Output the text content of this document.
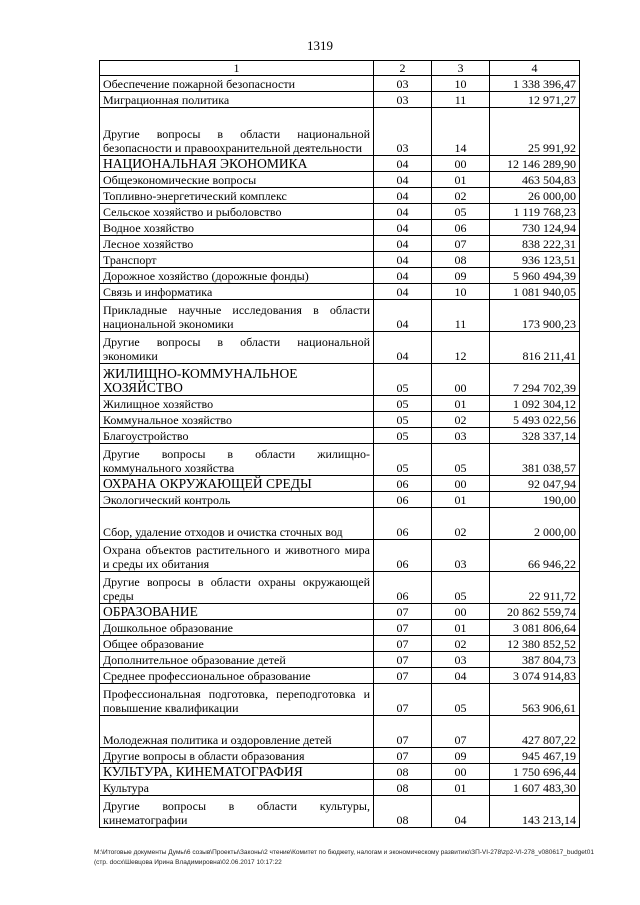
1319
1	2	3	4
Обеспечение пожарной безопасности	03	10	1 338 396,47
Миграционная политика	03	11	12 971,27
Другие вопросы в области национальной безопасности и правоохранительной деятельности	03	14	25 991,92
НАЦИОНАЛЬНАЯ ЭКОНОМИКА	04	00	12 146 289,90
Общеэкономические вопросы	04	01	463 504,83
Топливно-энергетический комплекс	04	02	26 000,00
Сельское хозяйство и рыболовство	04	05	1 119 768,23
Водное хозяйство	04	06	730 124,94
Лесное хозяйство	04	07	838 222,31
Транспорт	04	08	936 123,51
Дорожное хозяйство (дорожные фонды)	04	09	5 960 494,39
Связь и информатика	04	10	1 081 940,05
Прикладные научные исследования в области национальной экономики	04	11	173 900,23
Другие вопросы в области национальной экономики	04	12	816 211,41
ЖИЛИЩНО-КОММУНАЛЬНОЕ ХОЗЯЙСТВО	05	00	7 294 702,39
Жилищное хозяйство	05	01	1 092 304,12
Коммунальное хозяйство	05	02	5 493 022,56
Благоустройство	05	03	328 337,14
Другие вопросы в области жилищно-коммунального хозяйства	05	05	381 038,57
ОХРАНА ОКРУЖАЮЩЕЙ СРЕДЫ	06	00	92 047,94
Экологический контроль	06	01	190,00
Сбор, удаление отходов и очистка сточных вод	06	02	2 000,00
Охрана объектов растительного и животного мира и среды их обитания	06	03	66 946,22
Другие вопросы в области охраны окружающей среды	06	05	22 911,72
ОБРАЗОВАНИЕ	07	00	20 862 559,74
Дошкольное образование	07	01	3 081 806,64
Общее образование	07	02	12 380 852,52
Дополнительное образование детей	07	03	387 804,73
Среднее профессиональное образование	07	04	3 074 914,83
Профессиональная подготовка, переподготовка и повышение квалификации	07	05	563 906,61
Молодежная политика и оздоровление детей	07	07	427 807,22
Другие вопросы в области образования	07	09	945 467,19
КУЛЬТУРА, КИНЕМАТОГРАФИЯ	08	00	1 750 696,44
Культура	08	01	1 607 483,30
Другие вопросы в области культуры, кинематографии	08	04	143 213,14
M:\Итоговые документы Думы\6 созыв\Проекты\Законы\2 чтение\Комитет по бюджету, налогам и экономическому развитию\ЗП-VI-278\zp2-VI-278_v080617_budget01(стр. docx\Шевцова Ирина Владимировна\02.06.2017 10:17:22
